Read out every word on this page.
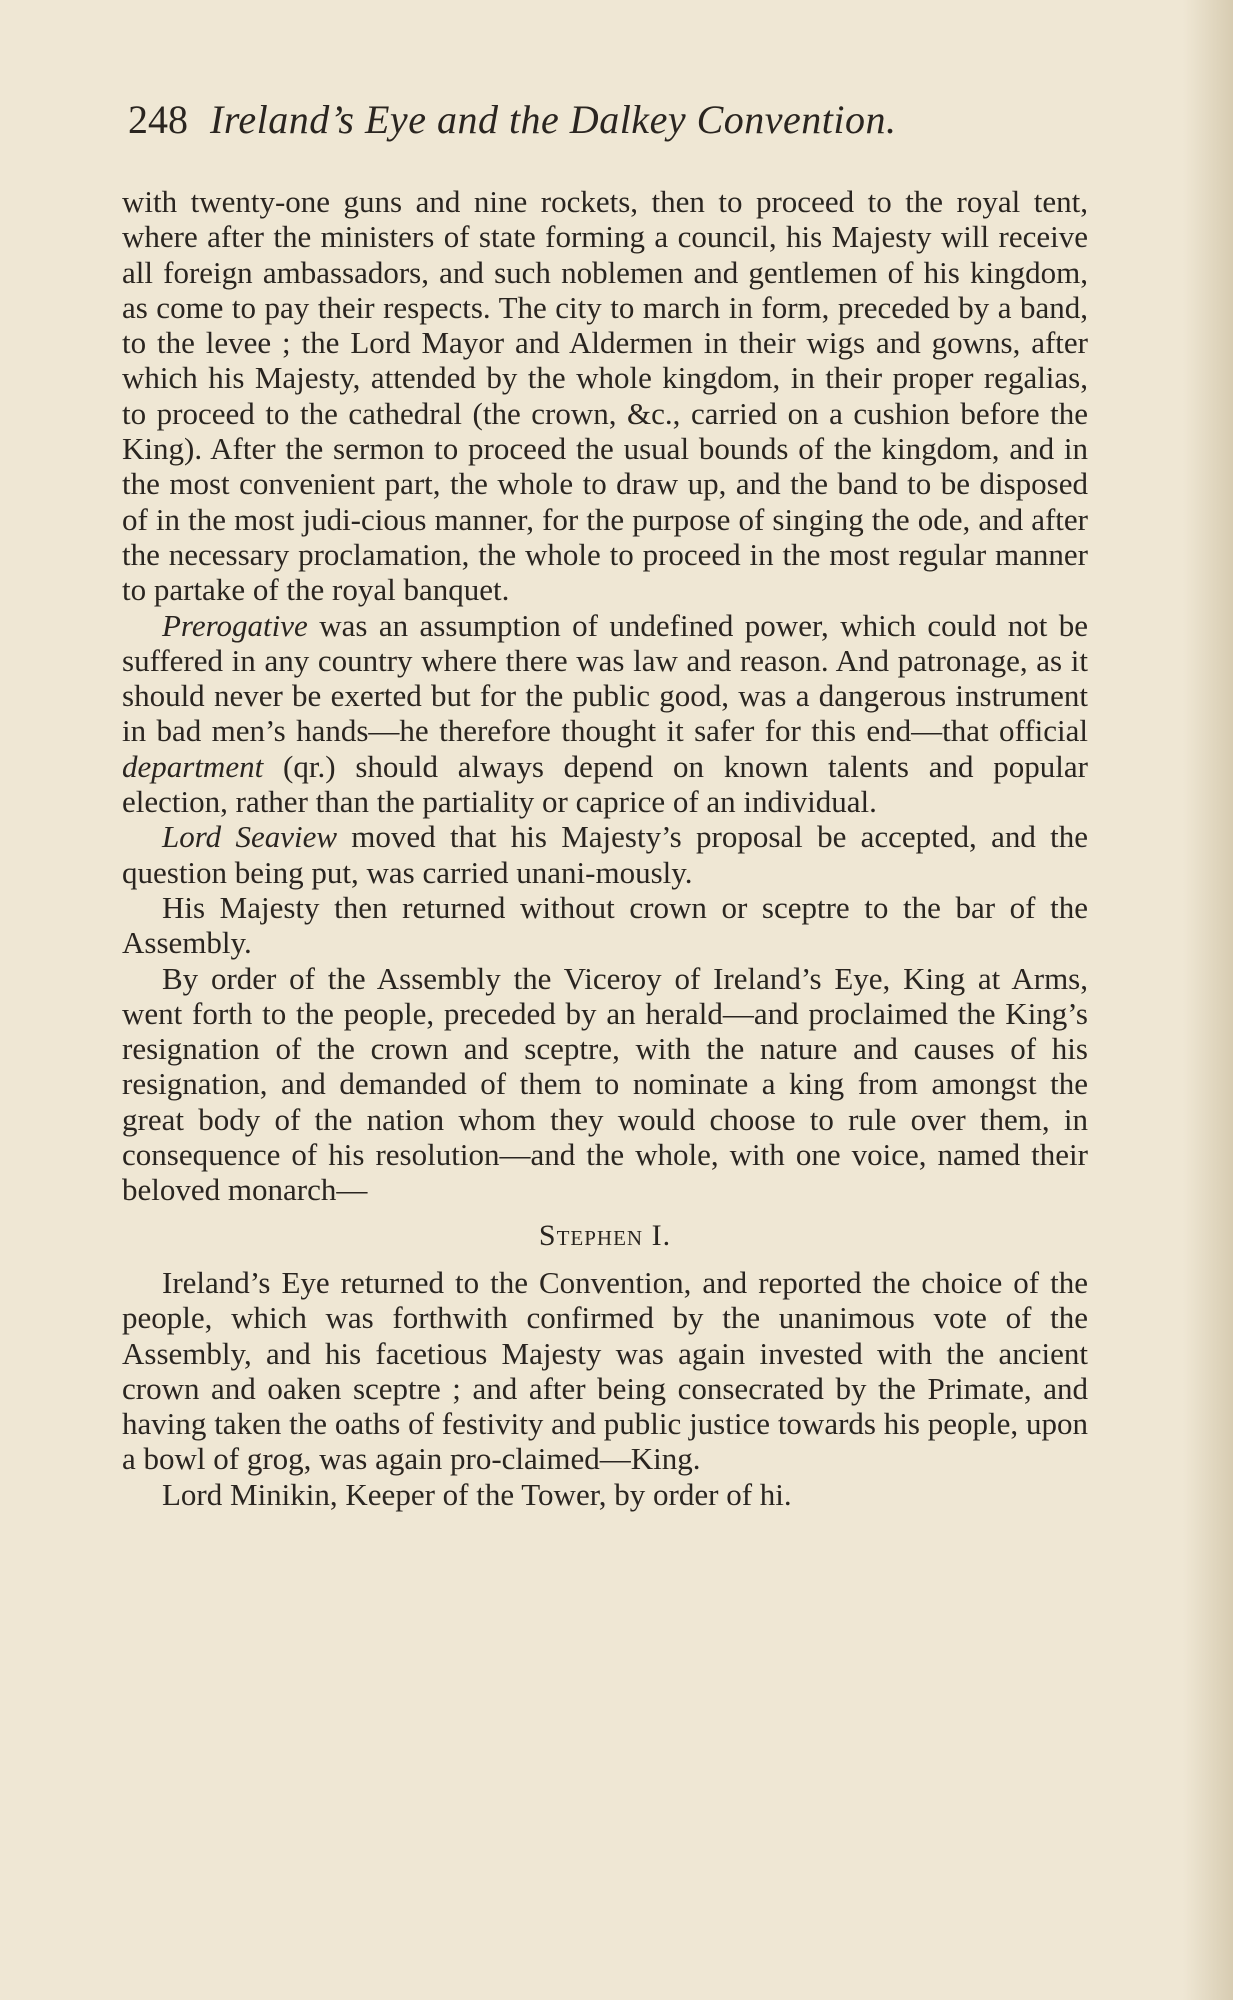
248 Ireland’s Eye and the Dalkey Convention.

with twenty-one guns and nine rockets, then to proceed to the royal tent, where after the ministers of state forming a council, his Majesty will receive all foreign ambassadors, and such noblemen and gentlemen of his kingdom, as come to pay their respects. The city to march in form, preceded by a band, to the levee ; the Lord Mayor and Aldermen in their wigs and gowns, after which his Majesty, attended by the whole kingdom, in their proper regalias, to proceed to the cathedral (the crown, &c., carried on a cushion before the King). After the sermon to proceed the usual bounds of the kingdom, and in the most convenient part, the whole to draw up, and the band to be disposed of in the most judi-cious manner, for the purpose of singing the ode, and after the necessary proclamation, the whole to proceed in the most regular manner to partake of the royal banquet.

Prerogative was an assumption of undefined power, which could not be suffered in any country where there was law and reason. And patronage, as it should never be exerted but for the public good, was a dangerous instrument in bad men’s hands—he therefore thought it safer for this end—that official department (qr.) should always depend on known talents and popular election, rather than the partiality or caprice of an individual.

Lord Seaview moved that his Majesty’s proposal be accepted, and the question being put, was carried unani-mously.

His Majesty then returned without crown or sceptre to the bar of the Assembly.

By order of the Assembly the Viceroy of Ireland’s Eye, King at Arms, went forth to the people, preceded by an herald—and proclaimed the King’s resignation of the crown and sceptre, with the nature and causes of his resignation, and demanded of them to nominate a king from amongst the great body of the nation whom they would choose to rule over them, in consequence of his resolution—and the whole, with one voice, named their beloved monarch—

Stephen I.

Ireland’s Eye returned to the Convention, and reported the choice of the people, which was forthwith confirmed by the unanimous vote of the Assembly, and his facetious Majesty was again invested with the ancient crown and oaken sceptre ; and after being consecrated by the Primate, and having taken the oaths of festivity and public justice towards his people, upon a bowl of grog, was again pro-claimed—King.

Lord Minikin, Keeper of the Tower, by order of hi.
